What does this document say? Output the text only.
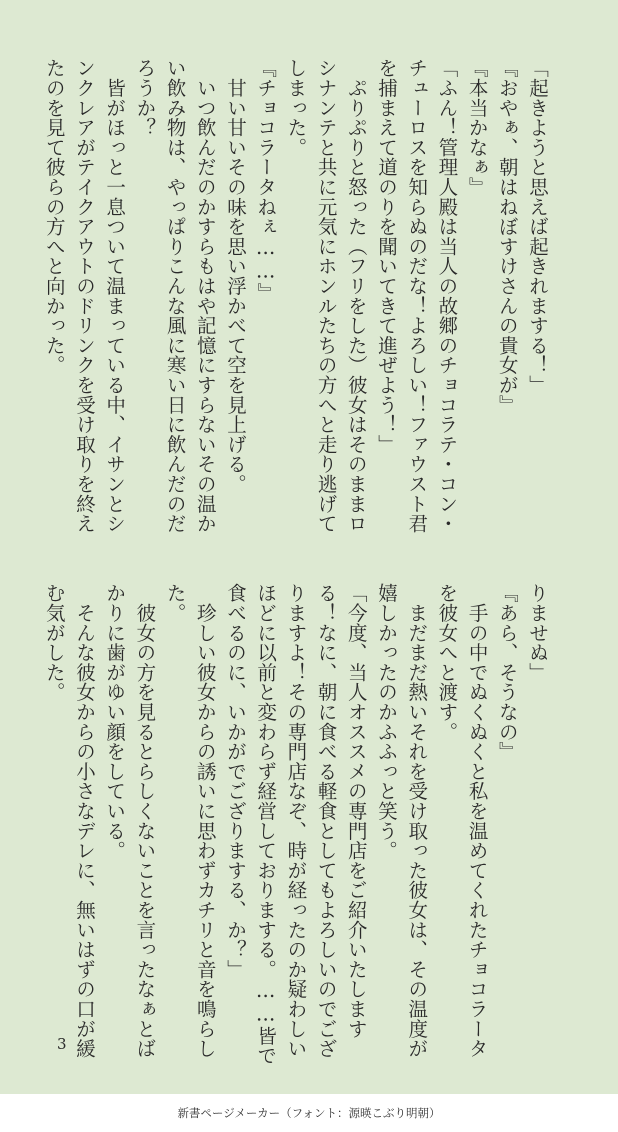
「起きようと思えば起きれまする！」

『おやぁ、朝はねぼすけさんの貴女が』

『本当かなぁ』

「ふん！管理人殿は当人の故郷のチョコラテ・コン・

チューロスを知らぬのだな！よろしい！ファウスト君

を捕まえて道のりを聞いてきて進ぜよう！」

　ぷりぷりと怒った（フリをした）彼女はそのままロ

シナンテと共に元気にホンルたちの方へと走り逃げて

しまった。

『チョコラータねぇ……』

　甘い甘いその味を思い浮かべて空を見上げる。

　いつ飲んだのかすらもはや記憶にすらないその温か

い飲み物は、やっぱりこんな風に寒い日に飲んだのだ

ろうか？

　皆がほっと一息ついて温まっている中、イサンとシ

ンクレアがテイクアウトのドリンクを受け取りを終え

たのを見て彼らの方へと向かった。

りませぬ」

『あら、そうなの』

　手の中でぬくぬくと私を温めてくれたチョコラータ

を彼女へと渡す。

　まだまだ熱いそれを受け取った彼女は、その温度が

嬉しかったのかふふっと笑う。

「今度、当人オススメの専門店をご紹介いたします

る！なに、朝に食べる軽食としてもよろしいのでござ

りますよ！その専門店なぞ、時が経ったのか疑わしい

ほどに以前と変わらず経営しておりまする。……皆で

食べるのに、いかがでござりまする、か？」

　珍しい彼女からの誘いに思わずカチリと音を鳴らし

た。

　彼女の方を見るとらしくないことを言ったなぁとば

かりに歯がゆい顔をしている。

　そんな彼女からの小さなデレに、無いはずの口が緩

む気がした。

3
新書ページメーカー（フォント：源暎こぶり明朝）
